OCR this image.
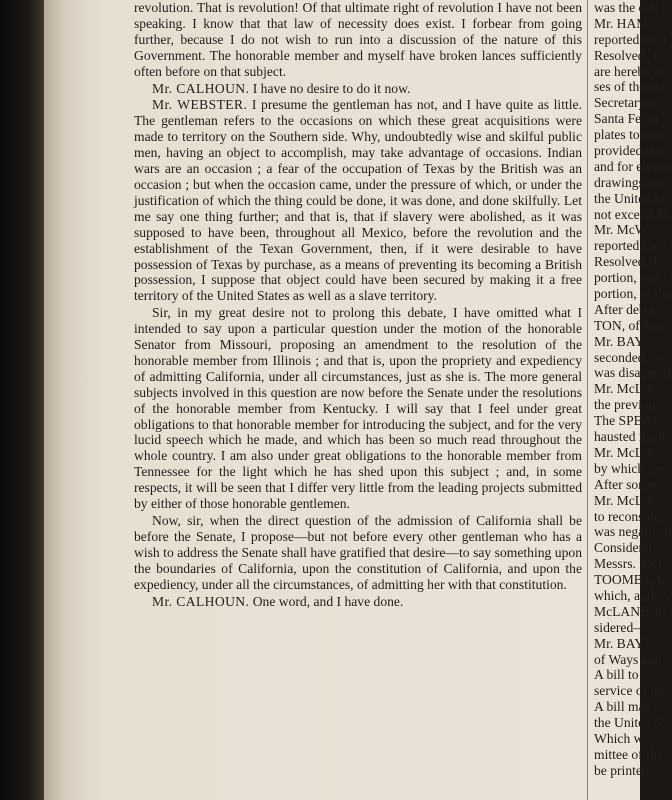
revolution. That is revolution! Of that ultimate right of revolution I have not been speaking. I know that that law of necessity does exist. I forbear from going further, because I do not wish to run into a discussion of the nature of this Government. The honorable member and myself have broken lances sufficiently often before on that subject.

Mr. CALHOUN. I have no desire to do it now.

Mr. WEBSTER. I presume the gentleman has not, and I have quite as little. The gentleman refers to the occasions on which these great acquisitions were made to territory on the Southern side. Why, undoubtedly wise and skilful public men, having an object to accomplish, may take advantage of occasions. Indian wars are an occasion ; a fear of the occupation of Texas by the British was an occasion ; but when the occasion came, under the pressure of which, or under the justification of which the thing could be done, it was done, and done skilfully. Let me say one thing further; and that is, that if slavery were abolished, as it was supposed to have been, throughout all Mexico, before the revolution and the establishment of the Texan Government, then, if it were desirable to have possession of Texas by purchase, as a means of preventing its becoming a British possession, I suppose that object could have been secured by making it a free territory of the United States as well as a slave territory.

Sir, in my great desire not to prolong this debate, I have omitted what I intended to say upon a particular question under the motion of the honorable Senator from Missouri, proposing an amendment to the resolution of the honorable member from Illinois ; and that is, upon the propriety and expediency of admitting California, under all circumstances, just as she is. The more general subjects involved in this question are now before the Senate under the resolutions of the honorable member from Kentucky. I will say that I feel under great obligations to that honorable member for introducing the subject, and for the very lucid speech which he made, and which has been so much read throughout the whole country. I am also under great obligations to the honorable member from Tennessee for the light which he has shed upon this subject ; and, in some respects, it will be seen that I differ very little from the leading projects submitted by either of those honorable gentlemen.

Now, sir, when the direct question of the admission of California shall be before the Senate, I propose—but not before every other gentleman who has a wish to address the Senate shall have gratified that desire—to say something upon the boundaries of California, upon the constitution of California, and upon the expediency, under all the circumstances, of admitting her with that constitution.

Mr. CALHOUN. One word, and I have done.

was the call
Mr. HAM
reported the f
Resolved, T
are hereby au
ses of the ma
Secretary of
Santa Fe, pr
plates to acco
provided the
and for eleven
drawings acc
the United St
not exceed $1
Mr. McW
reported the f
Resolved, T
portion, and t
portion, of the
After debat
TON, of Ten
Mr. BAY
seconded ; an
was disagreed
Mr. McLA
the previous
The SPEA
hausted itself
Mr. McLA
by which the
After some
Mr. McLA
to reconsider
was negatived
Considerab
Messrs. McL
TOOMBS, C
which, and by
McLANE, th
sidered—
Mr. BAYL
of Ways and
A bill to
service of the
A bill mak
the United S
Which w
mittee of the
be printed
